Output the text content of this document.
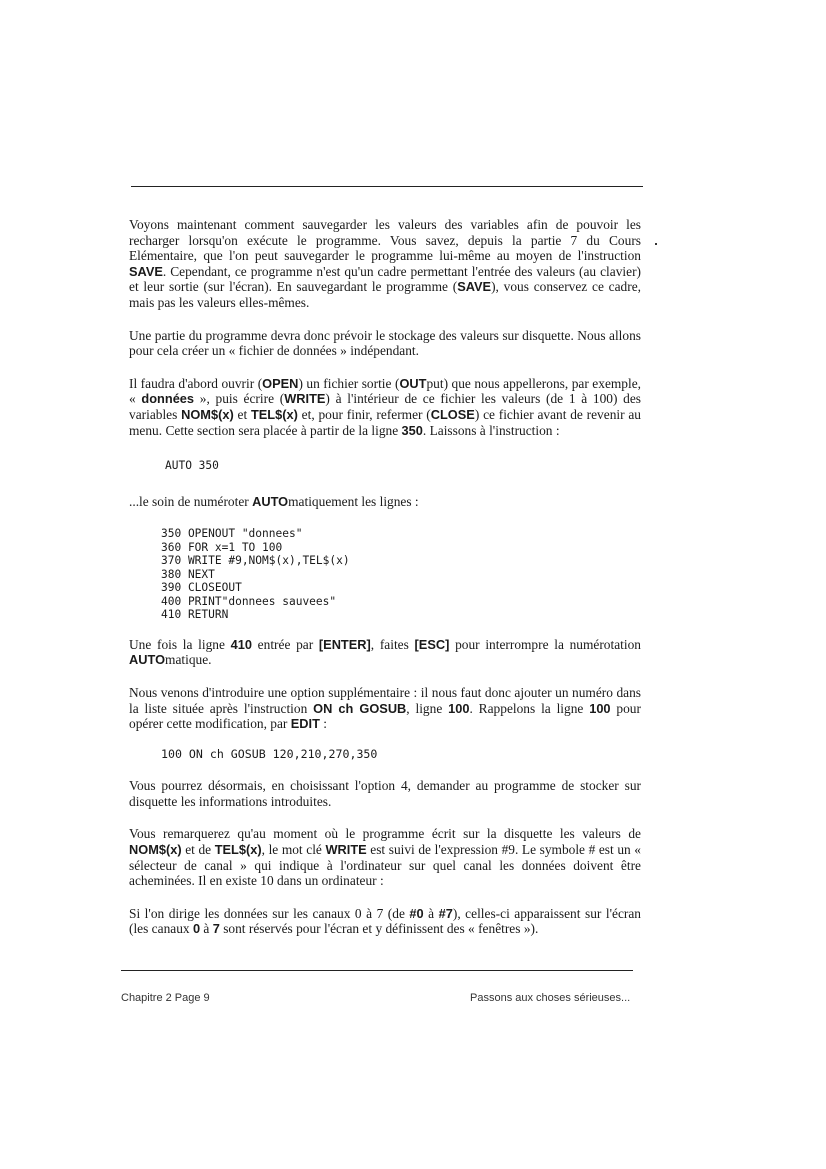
Voyons maintenant comment sauvegarder les valeurs des variables afin de pouvoir les recharger lorsqu'on exécute le programme. Vous savez, depuis la partie 7 du Cours Elémentaire, que l'on peut sauvegarder le programme lui-même au moyen de l'instruction SAVE. Cependant, ce programme n'est qu'un cadre permettant l'entrée des valeurs (au clavier) et leur sortie (sur l'écran). En sauvegardant le programme (SAVE), vous conservez ce cadre, mais pas les valeurs elles-mêmes.

Une partie du programme devra donc prévoir le stockage des valeurs sur disquette. Nous allons pour cela créer un « fichier de données » indépendant.

Il faudra d'abord ouvrir (OPEN) un fichier sortie (OUTput) que nous appellerons, par exemple, « données », puis écrire (WRITE) à l'intérieur de ce fichier les valeurs (de 1 à 100) des variables NOM$(x) et TEL$(x) et, pour finir, refermer (CLOSE) ce fichier avant de revenir au menu. Cette section sera placée à partir de la ligne 350. Laissons à l'instruction :

AUTO 350

...le soin de numéroter AUTOmatiquement les lignes :

350 OPENOUT "donnees"
360 FOR x=1 TO 100
370 WRITE #9,NOM$(x),TEL$(x)
380 NEXT
390 CLOSEOUT
400 PRINT"donnees sauvees"
410 RETURN

Une fois la ligne 410 entrée par [ENTER], faites [ESC] pour interrompre la numérotation AUTOmatique.

Nous venons d'introduire une option supplémentaire : il nous faut donc ajouter un numéro dans la liste située après l'instruction ON ch GOSUB, ligne 100. Rappelons la ligne 100 pour opérer cette modification, par EDIT :

100 ON ch GOSUB 120,210,270,350

Vous pourrez désormais, en choisissant l'option 4, demander au programme de stocker sur disquette les informations introduites.

Vous remarquerez qu'au moment où le programme écrit sur la disquette les valeurs de NOM$(x) et de TEL$(x), le mot clé WRITE est suivi de l'expression #9. Le symbole # est un « sélecteur de canal » qui indique à l'ordinateur sur quel canal les données doivent être acheminées. Il en existe 10 dans un ordinateur :

Si l'on dirige les données sur les canaux 0 à 7 (de #0 à #7), celles-ci apparaissent sur l'écran (les canaux 0 à 7 sont réservés pour l'écran et y définissent des « fenêtres »).

Chapitre 2 Page 9	Passons aux choses sérieuses...
